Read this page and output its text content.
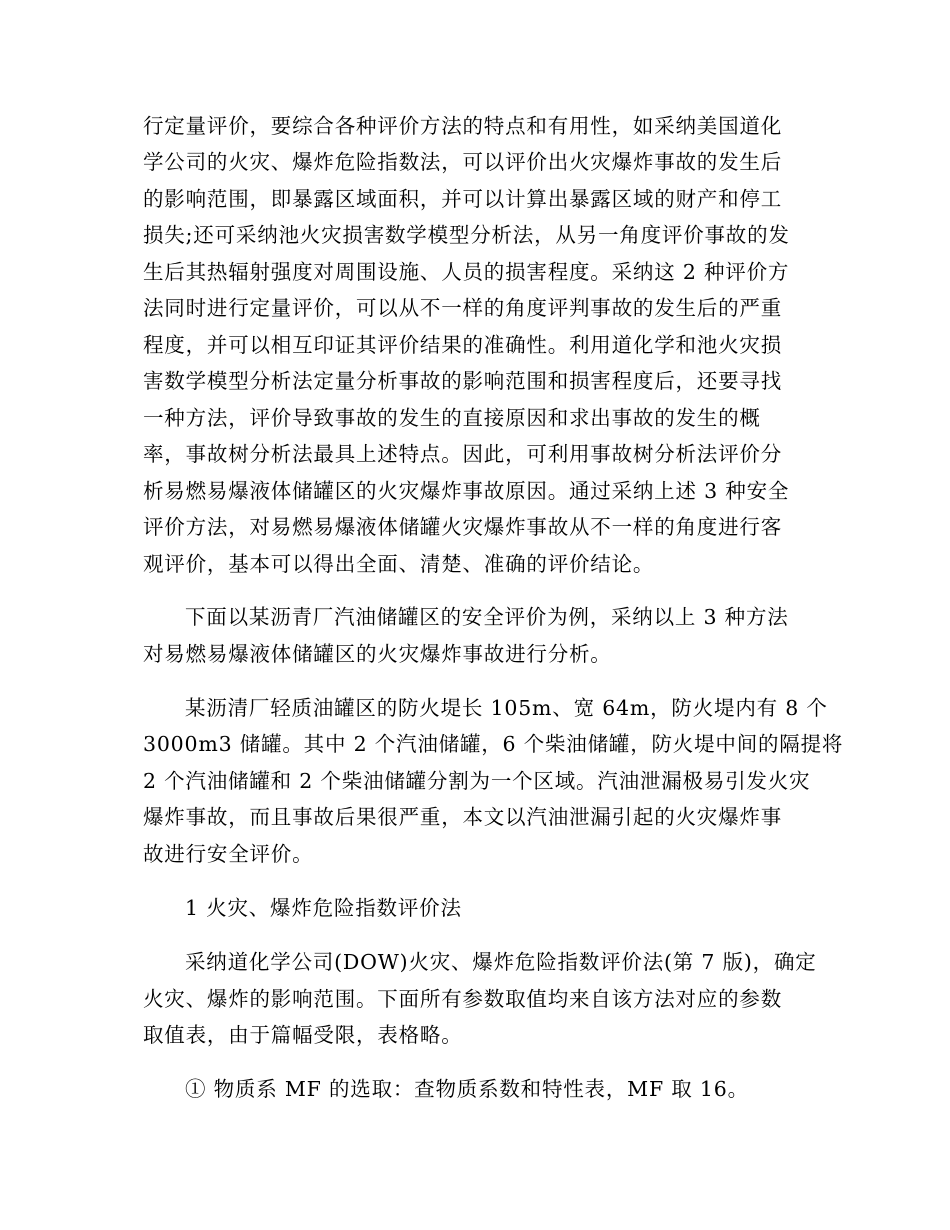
行定量评价，要综合各种评价方法的特点和有用性，如采纳美国道化
学公司的火灾、爆炸危险指数法，可以评价出火灾爆炸事故的发生后
的影响范围，即暴露区域面积，并可以计算出暴露区域的财产和停工
损失;还可采纳池火灾损害数学模型分析法，从另一角度评价事故的发
生后其热辐射强度对周围设施、人员的损害程度。采纳这 2 种评价方
法同时进行定量评价，可以从不一样的角度评判事故的发生后的严重
程度，并可以相互印证其评价结果的准确性。利用道化学和池火灾损
害数学模型分析法定量分析事故的影响范围和损害程度后，还要寻找
一种方法，评价导致事故的发生的直接原因和求出事故的发生的概
率，事故树分析法最具上述特点。因此，可利用事故树分析法评价分
析易燃易爆液体储罐区的火灾爆炸事故原因。通过采纳上述 3 种安全
评价方法，对易燃易爆液体储罐火灾爆炸事故从不一样的角度进行客
观评价，基本可以得出全面、清楚、准确的评价结论。
下面以某沥青厂汽油储罐区的安全评价为例，采纳以上 3 种方法
对易燃易爆液体储罐区的火灾爆炸事故进行分析。
某沥清厂轻质油罐区的防火堤长 105m、宽 64m，防火堤内有 8 个
3000m3 储罐。其中 2 个汽油储罐，6 个柴油储罐，防火堤中间的隔提将
2 个汽油储罐和 2 个柴油储罐分割为一个区域。汽油泄漏极易引发火灾
爆炸事故，而且事故后果很严重，本文以汽油泄漏引起的火灾爆炸事
故进行安全评价。
1 火灾、爆炸危险指数评价法
采纳道化学公司(DOW)火灾、爆炸危险指数评价法(第 7 版)，确定
火灾、爆炸的影响范围。下面所有参数取值均来自该方法对应的参数
取值表，由于篇幅受限，表格略。
① 物质系 MF 的选取：查物质系数和特性表，MF 取 16。
